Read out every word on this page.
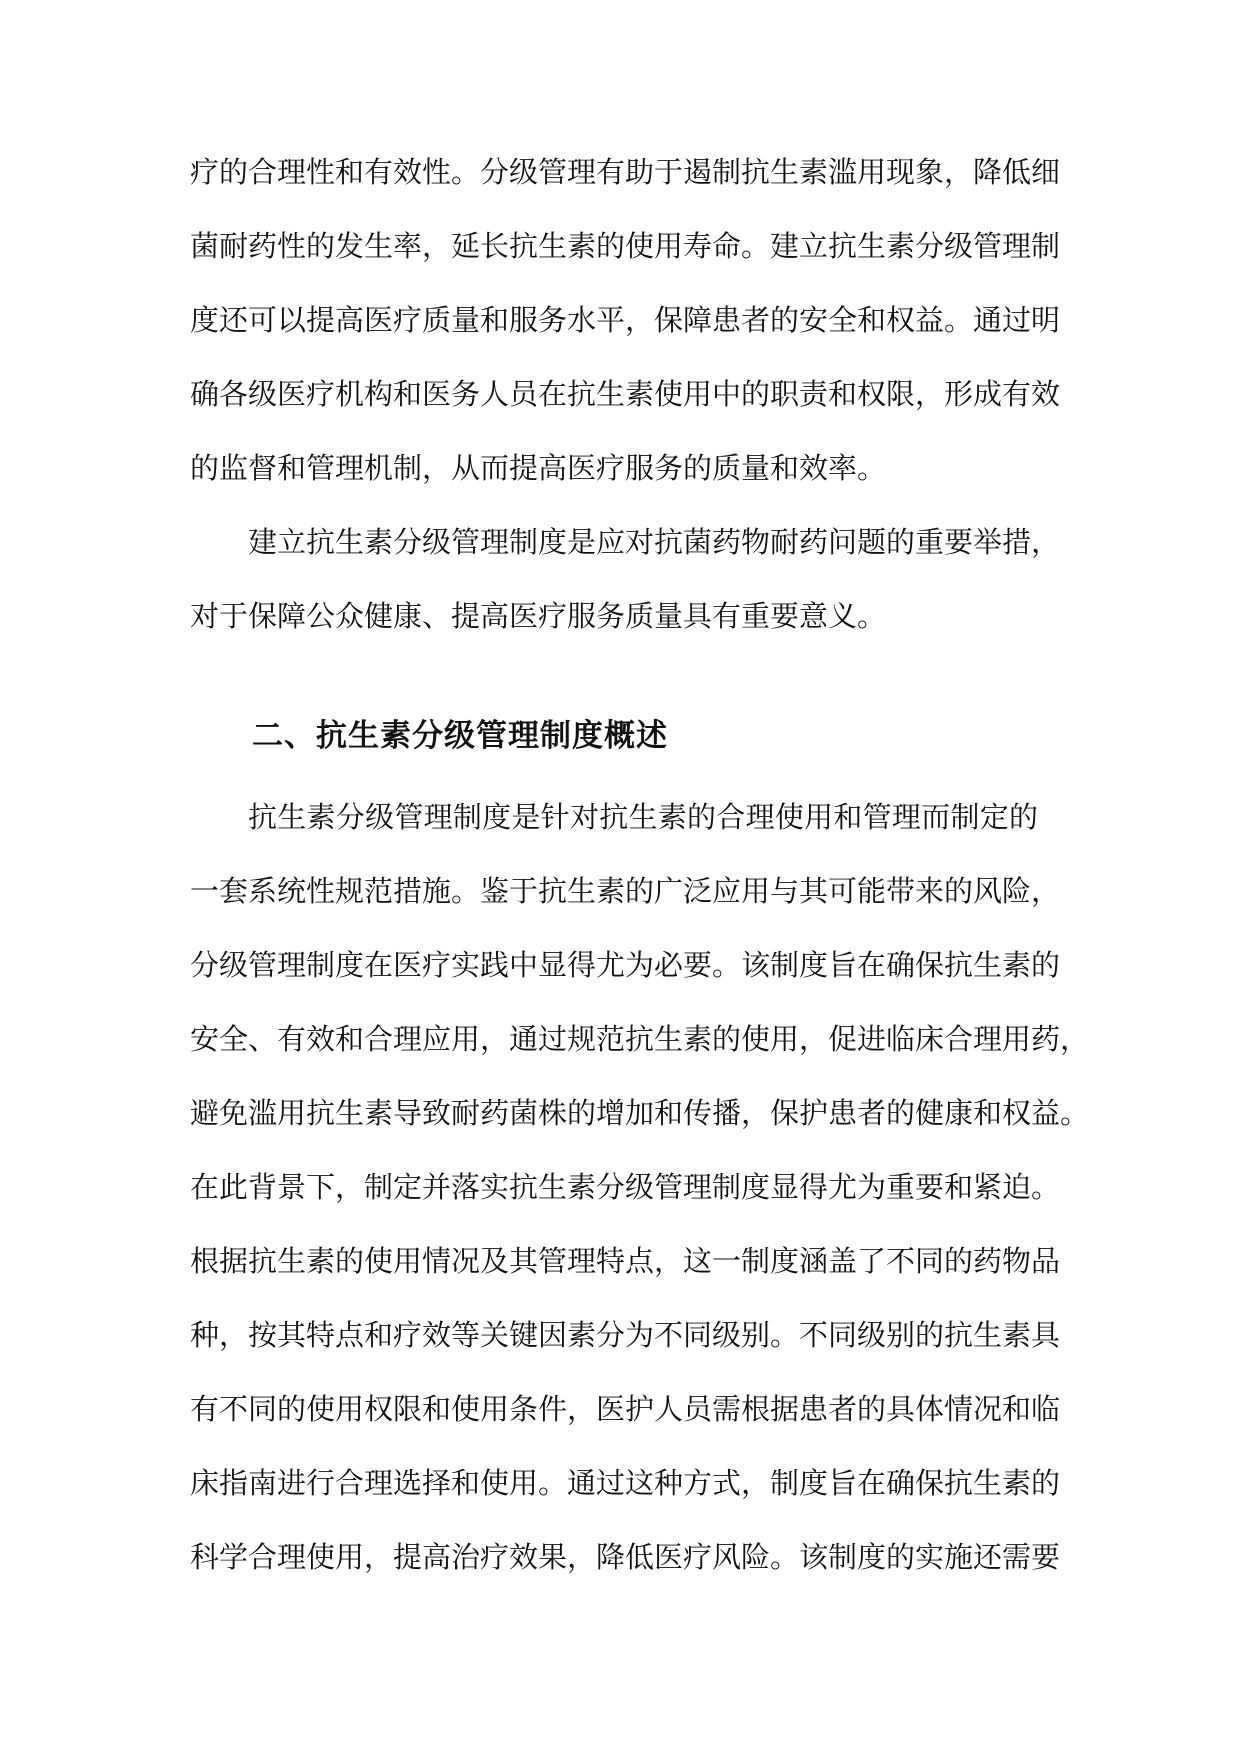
疗的合理性和有效性。分级管理有助于遏制抗生素滥用现象，降低细
菌耐药性的发生率，延长抗生素的使用寿命。建立抗生素分级管理制
度还可以提高医疗质量和服务水平，保障患者的安全和权益。通过明
确各级医疗机构和医务人员在抗生素使用中的职责和权限，形成有效
的监督和管理机制，从而提高医疗服务的质量和效率。
建立抗生素分级管理制度是应对抗菌药物耐药问题的重要举措，
对于保障公众健康、提高医疗服务质量具有重要意义。
二、抗生素分级管理制度概述
抗生素分级管理制度是针对抗生素的合理使用和管理而制定的
一套系统性规范措施。鉴于抗生素的广泛应用与其可能带来的风险，
分级管理制度在医疗实践中显得尤为必要。该制度旨在确保抗生素的
安全、有效和合理应用，通过规范抗生素的使用，促进临床合理用药，
避免滥用抗生素导致耐药菌株的增加和传播，保护患者的健康和权益。
在此背景下，制定并落实抗生素分级管理制度显得尤为重要和紧迫。
根据抗生素的使用情况及其管理特点，这一制度涵盖了不同的药物品
种，按其特点和疗效等关键因素分为不同级别。不同级别的抗生素具
有不同的使用权限和使用条件，医护人员需根据患者的具体情况和临
床指南进行合理选择和使用。通过这种方式，制度旨在确保抗生素的
科学合理使用，提高治疗效果，降低医疗风险。该制度的实施还需要
